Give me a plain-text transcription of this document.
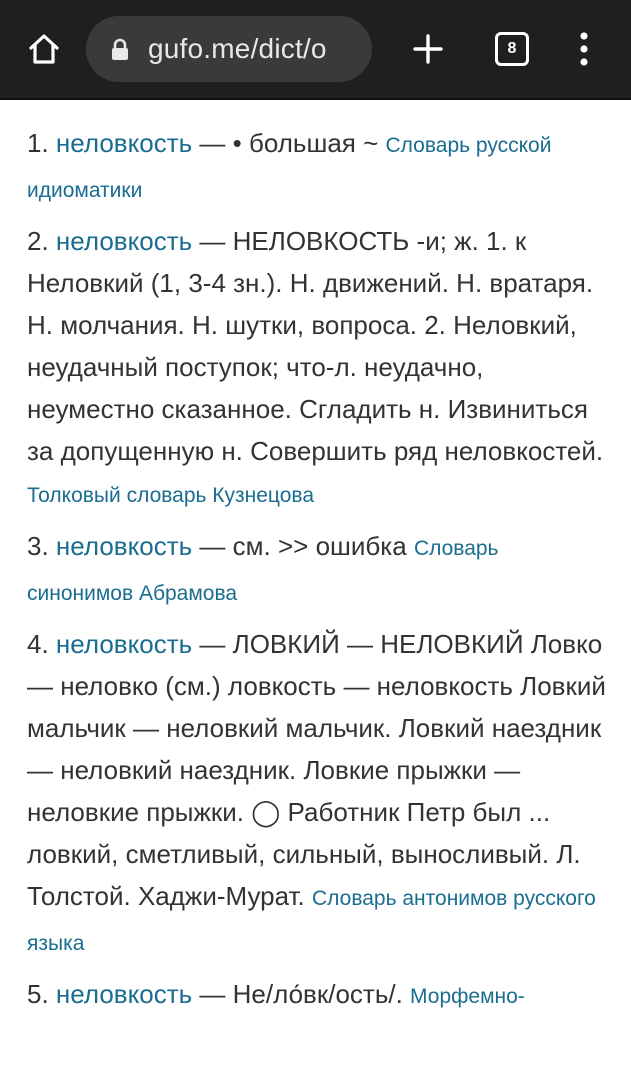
gufo.me/dict/o	8

1. неловкость — • большая ~ Словарь русской идиоматики

2. неловкость — НЕЛОВКОСТЬ -и; ж. 1. к Неловкий (1, 3-4 зн.). Н. движений. Н. вратаря. Н. молчания. Н. шутки, вопроса. 2. Неловкий, неудачный поступок; что-л. неудачно, неуместно сказанное. Сгладить н. Извиниться за допущенную н. Совершить ряд неловкостей. Толковый словарь Кузнецова

3. неловкость — см. >> ошибка Словарь синонимов Абрамова

4. неловкость — ЛОВКИЙ — НЕЛОВКИЙ Ловко — неловко (см.) ловкость — неловкость Ловкий мальчик — неловкий мальчик. Ловкий наездник — неловкий наездник. Ловкие прыжки — неловкие прыжки. ◯ Работник Петр был ... ловкий, сметливый, сильный, выносливый. Л. Толстой. Хаджи-Мурат. Словарь антонимов русского языка

5. неловкость — Не/ло́вк/ость/. Морфемно-
